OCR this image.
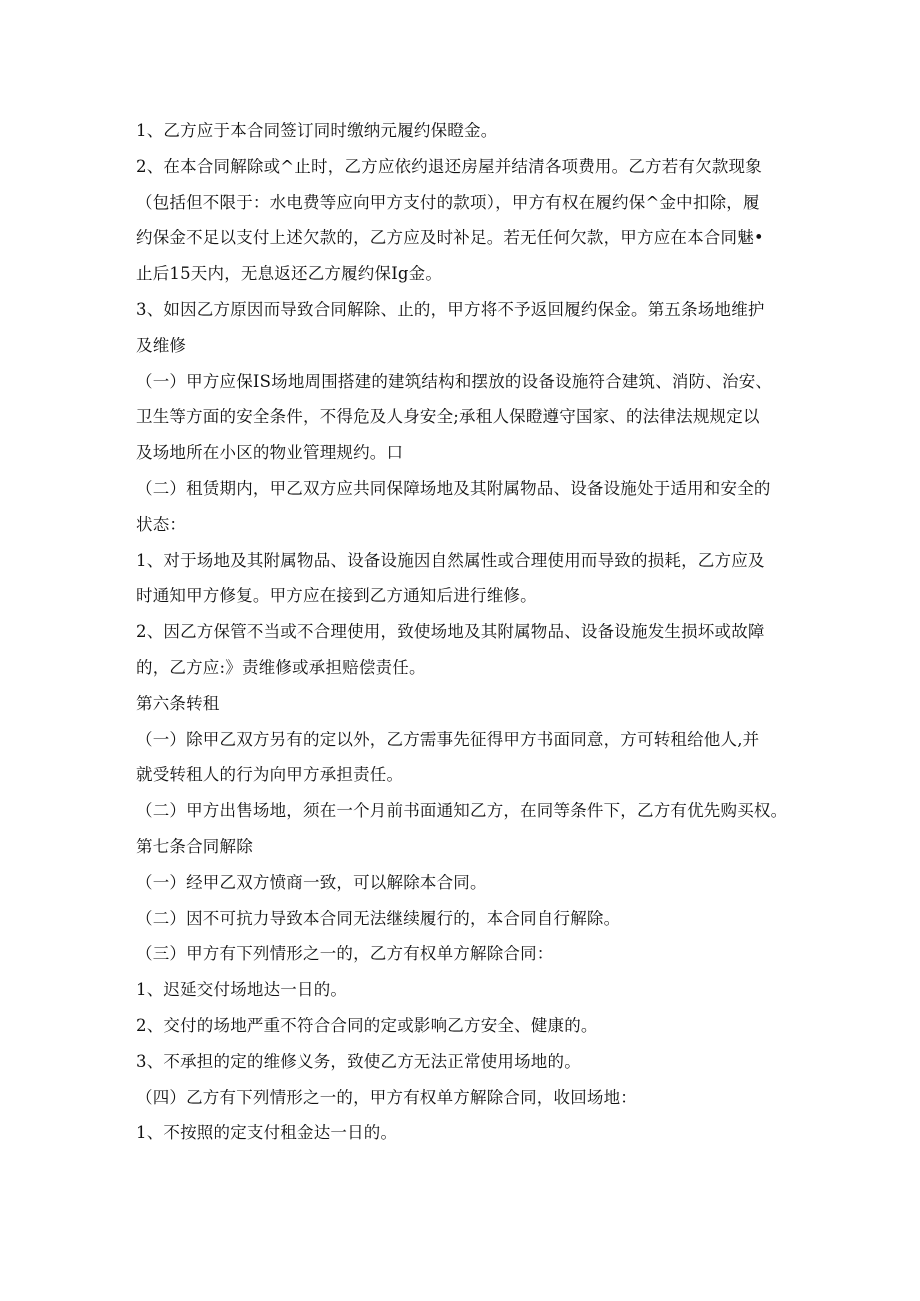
1、乙方应于本合同签订同时缴纳元履约保瞪金。
2、在本合同解除或^止时，乙方应依约退还房屋并结清各项费用。乙方若有欠款现象
（包括但不限于：水电费等应向甲方支付的款项），甲方有权在履约保^金中扣除，履
约保金不足以支付上述欠款的，乙方应及时补足。若无任何欠款，甲方应在本合同魅•
止后15天内，无息返还乙方履约保Ig金。
3、如因乙方原因而导致合同解除、止的，甲方将不予返回履约保金。第五条场地维护
及维修
（一）甲方应保IS场地周围搭建的建筑结构和摆放的设备设施符合建筑、消防、治安、
卫生等方面的安全条件，不得危及人身安全;承租人保瞪遵守国家、的法律法规规定以
及场地所在小区的物业管理规约。口
（二）租赁期内，甲乙双方应共同保障场地及其附属物品、设备设施处于适用和安全的
状态：
1、对于场地及其附属物品、设备设施因自然属性或合理使用而导致的损耗，乙方应及
时通知甲方修复。甲方应在接到乙方通知后进行维修。
2、因乙方保管不当或不合理使用，致使场地及其附属物品、设备设施发生损坏或故障
的，乙方应:》责维修或承担赔偿责任。
第六条转租
（一）除甲乙双方另有的定以外，乙方需事先征得甲方书面同意，方可转租给他人,并
就受转租人的行为向甲方承担责任。
（二）甲方出售场地，须在一个月前书面通知乙方，在同等条件下，乙方有优先购买权。
第七条合同解除
（一）经甲乙双方愤商一致，可以解除本合同。
（二）因不可抗力导致本合同无法继续履行的，本合同自行解除。
（三）甲方有下列情形之一的，乙方有权单方解除合同：
1、迟延交付场地达一日的。
2、交付的场地严重不符合合同的定或影响乙方安全、健康的。
3、不承担的定的维修义务，致使乙方无法正常使用场地的。
（四）乙方有下列情形之一的，甲方有权单方解除合同，收回场地：
1、不按照的定支付租金达一日的。
